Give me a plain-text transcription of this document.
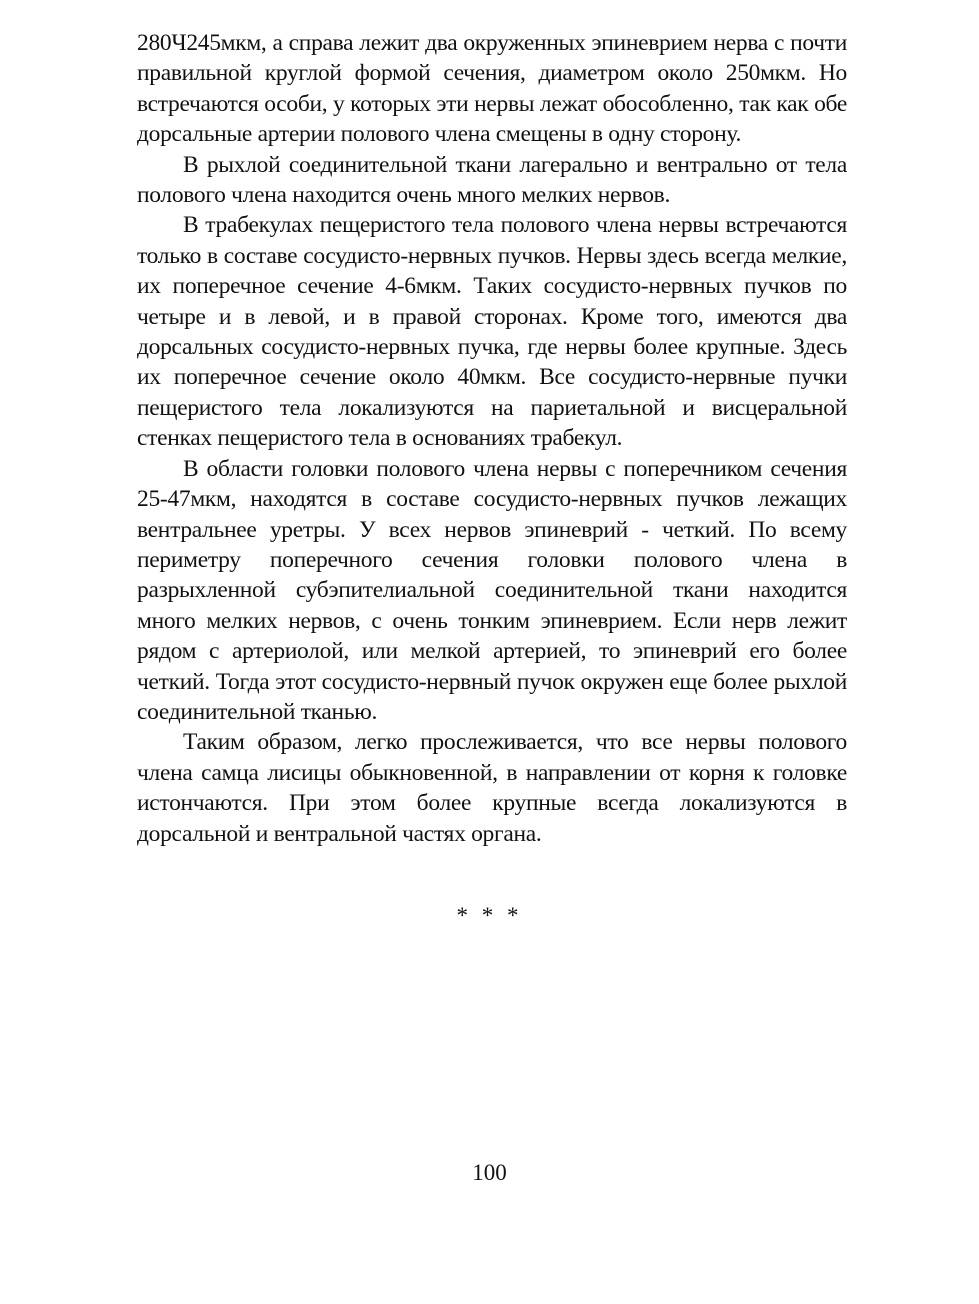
280Ч245мкм, а справа лежит два окруженных эпиневрием нерва с почти правильной круглой формой сечения, диаметром около 250мкм. Но встречаются особи, у которых эти нервы лежат обособленно, так как обе дорсальные артерии полового члена смещены в одну сторону.

В рыхлой соединительной ткани лагерально и вентрально от тела полового члена находится очень много мелких нервов.

В трабекулах пещеристого тела полового члена нервы встречаются только в составе сосудисто-нервных пучков. Нервы здесь всегда мелкие, их поперечное сечение 4-6мкм. Таких сосудисто-нервных пучков по четыре и в левой, и в правой сторонах. Кроме того, имеются два дорсальных сосудисто-нервных пучка, где нервы более крупные. Здесь их поперечное сечение около 40мкм. Все сосудисто-нервные пучки пещеристого тела локализуются на париетальной и висцеральной стенках пещеристого тела в основаниях трабекул.

В области головки полового члена нервы с поперечником сечения 25-47мкм, находятся в составе сосудисто-нервных пучков лежащих вентральнее уретры. У всех нервов эпиневрий - четкий. По всему периметру поперечного сечения головки полового члена в разрыхленной субэпителиальной соединительной ткани находится много мелких нервов, с очень тонким эпиневрием. Если нерв лежит рядом с артериолой, или мелкой артерией, то эпиневрий его более четкий. Тогда этот сосудисто-нервный пучок окружен еще более рыхлой соединительной тканью.

Таким образом, легко прослеживается, что все нервы полового члена самца лисицы обыкновенной, в направлении от корня к головке истончаются. При этом более крупные всегда локализуются в дорсальной и вентральной частях органа.

* * *
100
